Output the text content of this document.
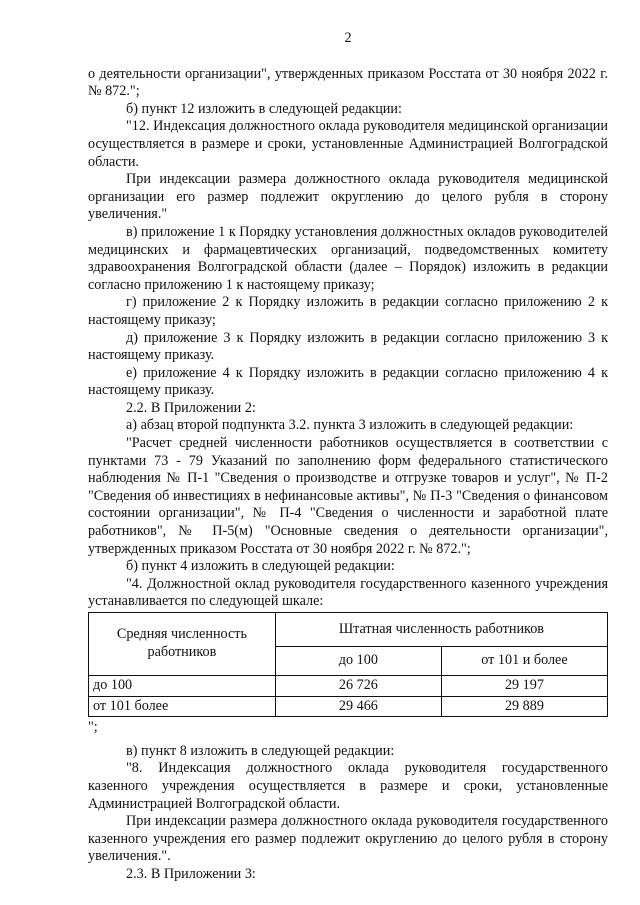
2

о деятельности организации", утвержденных приказом Росстата от 30 ноября 2022 г. № 872.";

б) пункт 12 изложить в следующей редакции:

"12. Индексация должностного оклада руководителя медицинской организации осуществляется в размере и сроки, установленные Администрацией Волгоградской области.

При индексации размера должностного оклада руководителя медицинской организации его размер подлежит округлению до целого рубля в сторону увеличения."

в) приложение 1 к Порядку установления должностных окладов руководителей медицинских и фармацевтических организаций, подведомственных комитету здравоохранения Волгоградской области (далее – Порядок) изложить в редакции согласно приложению 1 к настоящему приказу;

г) приложение 2 к Порядку изложить в редакции согласно приложению 2 к настоящему приказу;

д) приложение 3 к Порядку изложить в редакции согласно приложению 3 к настоящему приказу.

е) приложение 4 к Порядку изложить в редакции согласно приложению 4 к настоящему приказу.

2.2. В Приложении 2:

а) абзац второй подпункта 3.2. пункта 3 изложить в следующей редакции:

"Расчет средней численности работников осуществляется в соответствии с пунктами 73 - 79 Указаний по заполнению форм федерального статистического наблюдения № П-1 "Сведения о производстве и отгрузке товаров и услуг", № П-2 "Сведения об инвестициях в нефинансовые активы", № П-3 "Сведения о финансовом состоянии организации", № П-4 "Сведения о численности и заработной плате работников", № П-5(м) "Основные сведения о деятельности организации", утвержденных приказом Росстата от 30 ноября 2022 г. № 872.";

б) пункт 4 изложить в следующей редакции:

"4. Должностной оклад руководителя государственного казенного учреждения устанавливается по следующей шкале:

Средняя численность работников	Штатная численность работников	
	до 100	от 101 и более
до 100	26 726	29 197
от 101 более	29 466	29 889

";

в) пункт 8 изложить в следующей редакции:

"8. Индексация должностного оклада руководителя государственного казенного учреждения осуществляется в размере и сроки, установленные Администрацией Волгоградской области.

При индексации размера должностного оклада руководителя государственного казенного учреждения его размер подлежит округлению до целого рубля в сторону увеличения.".

2.3. В Приложении 3:
